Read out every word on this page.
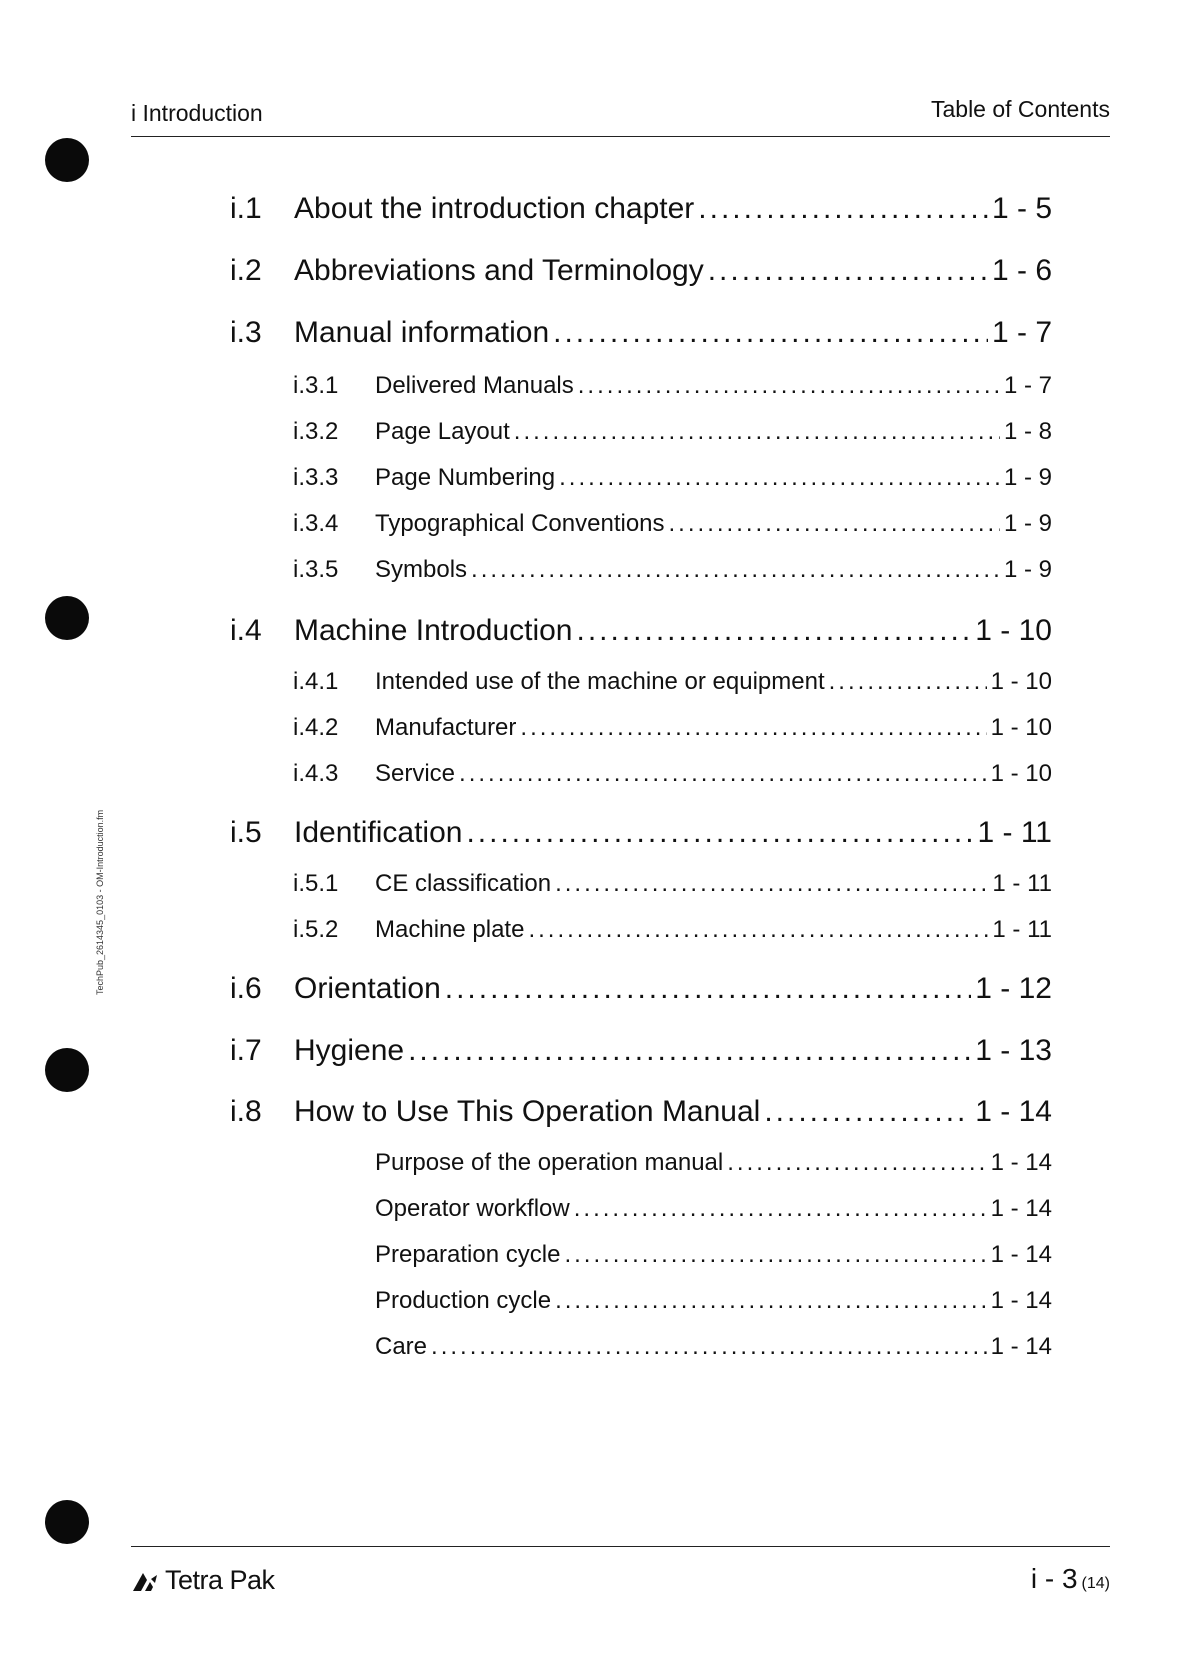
i Introduction	Table of Contents
TechPub_2614345_0103 - OM-Introduction.fm
i.1	About the introduction chapter .....	1 - 5
i.2	Abbreviations and Terminology .....	1 - 6
i.3	Manual information .....	1 - 7
i.3.1	Delivered Manuals .....	1 - 7
i.3.2	Page Layout .....	1 - 8
i.3.3	Page Numbering .....	1 - 9
i.3.4	Typographical Conventions .....	1 - 9
i.3.5	Symbols .....	1 - 9
i.4	Machine Introduction .....	1 - 10
i.4.1	Intended use of the machine or equipment .....	1 - 10
i.4.2	Manufacturer .....	1 - 10
i.4.3	Service .....	1 - 10
i.5	Identification .....	1 - 11
i.5.1	CE classification .....	1 - 11
i.5.2	Machine plate .....	1 - 11
i.6	Orientation .....	1 - 12
i.7	Hygiene .....	1 - 13
i.8	How to Use This Operation Manual .....	1 - 14
Purpose of the operation manual .....	1 - 14
Operator workflow .....	1 - 14
Preparation cycle .....	1 - 14
Production cycle .....	1 - 14
Care .....	1 - 14
Tetra Pak	i - 3 (14)
